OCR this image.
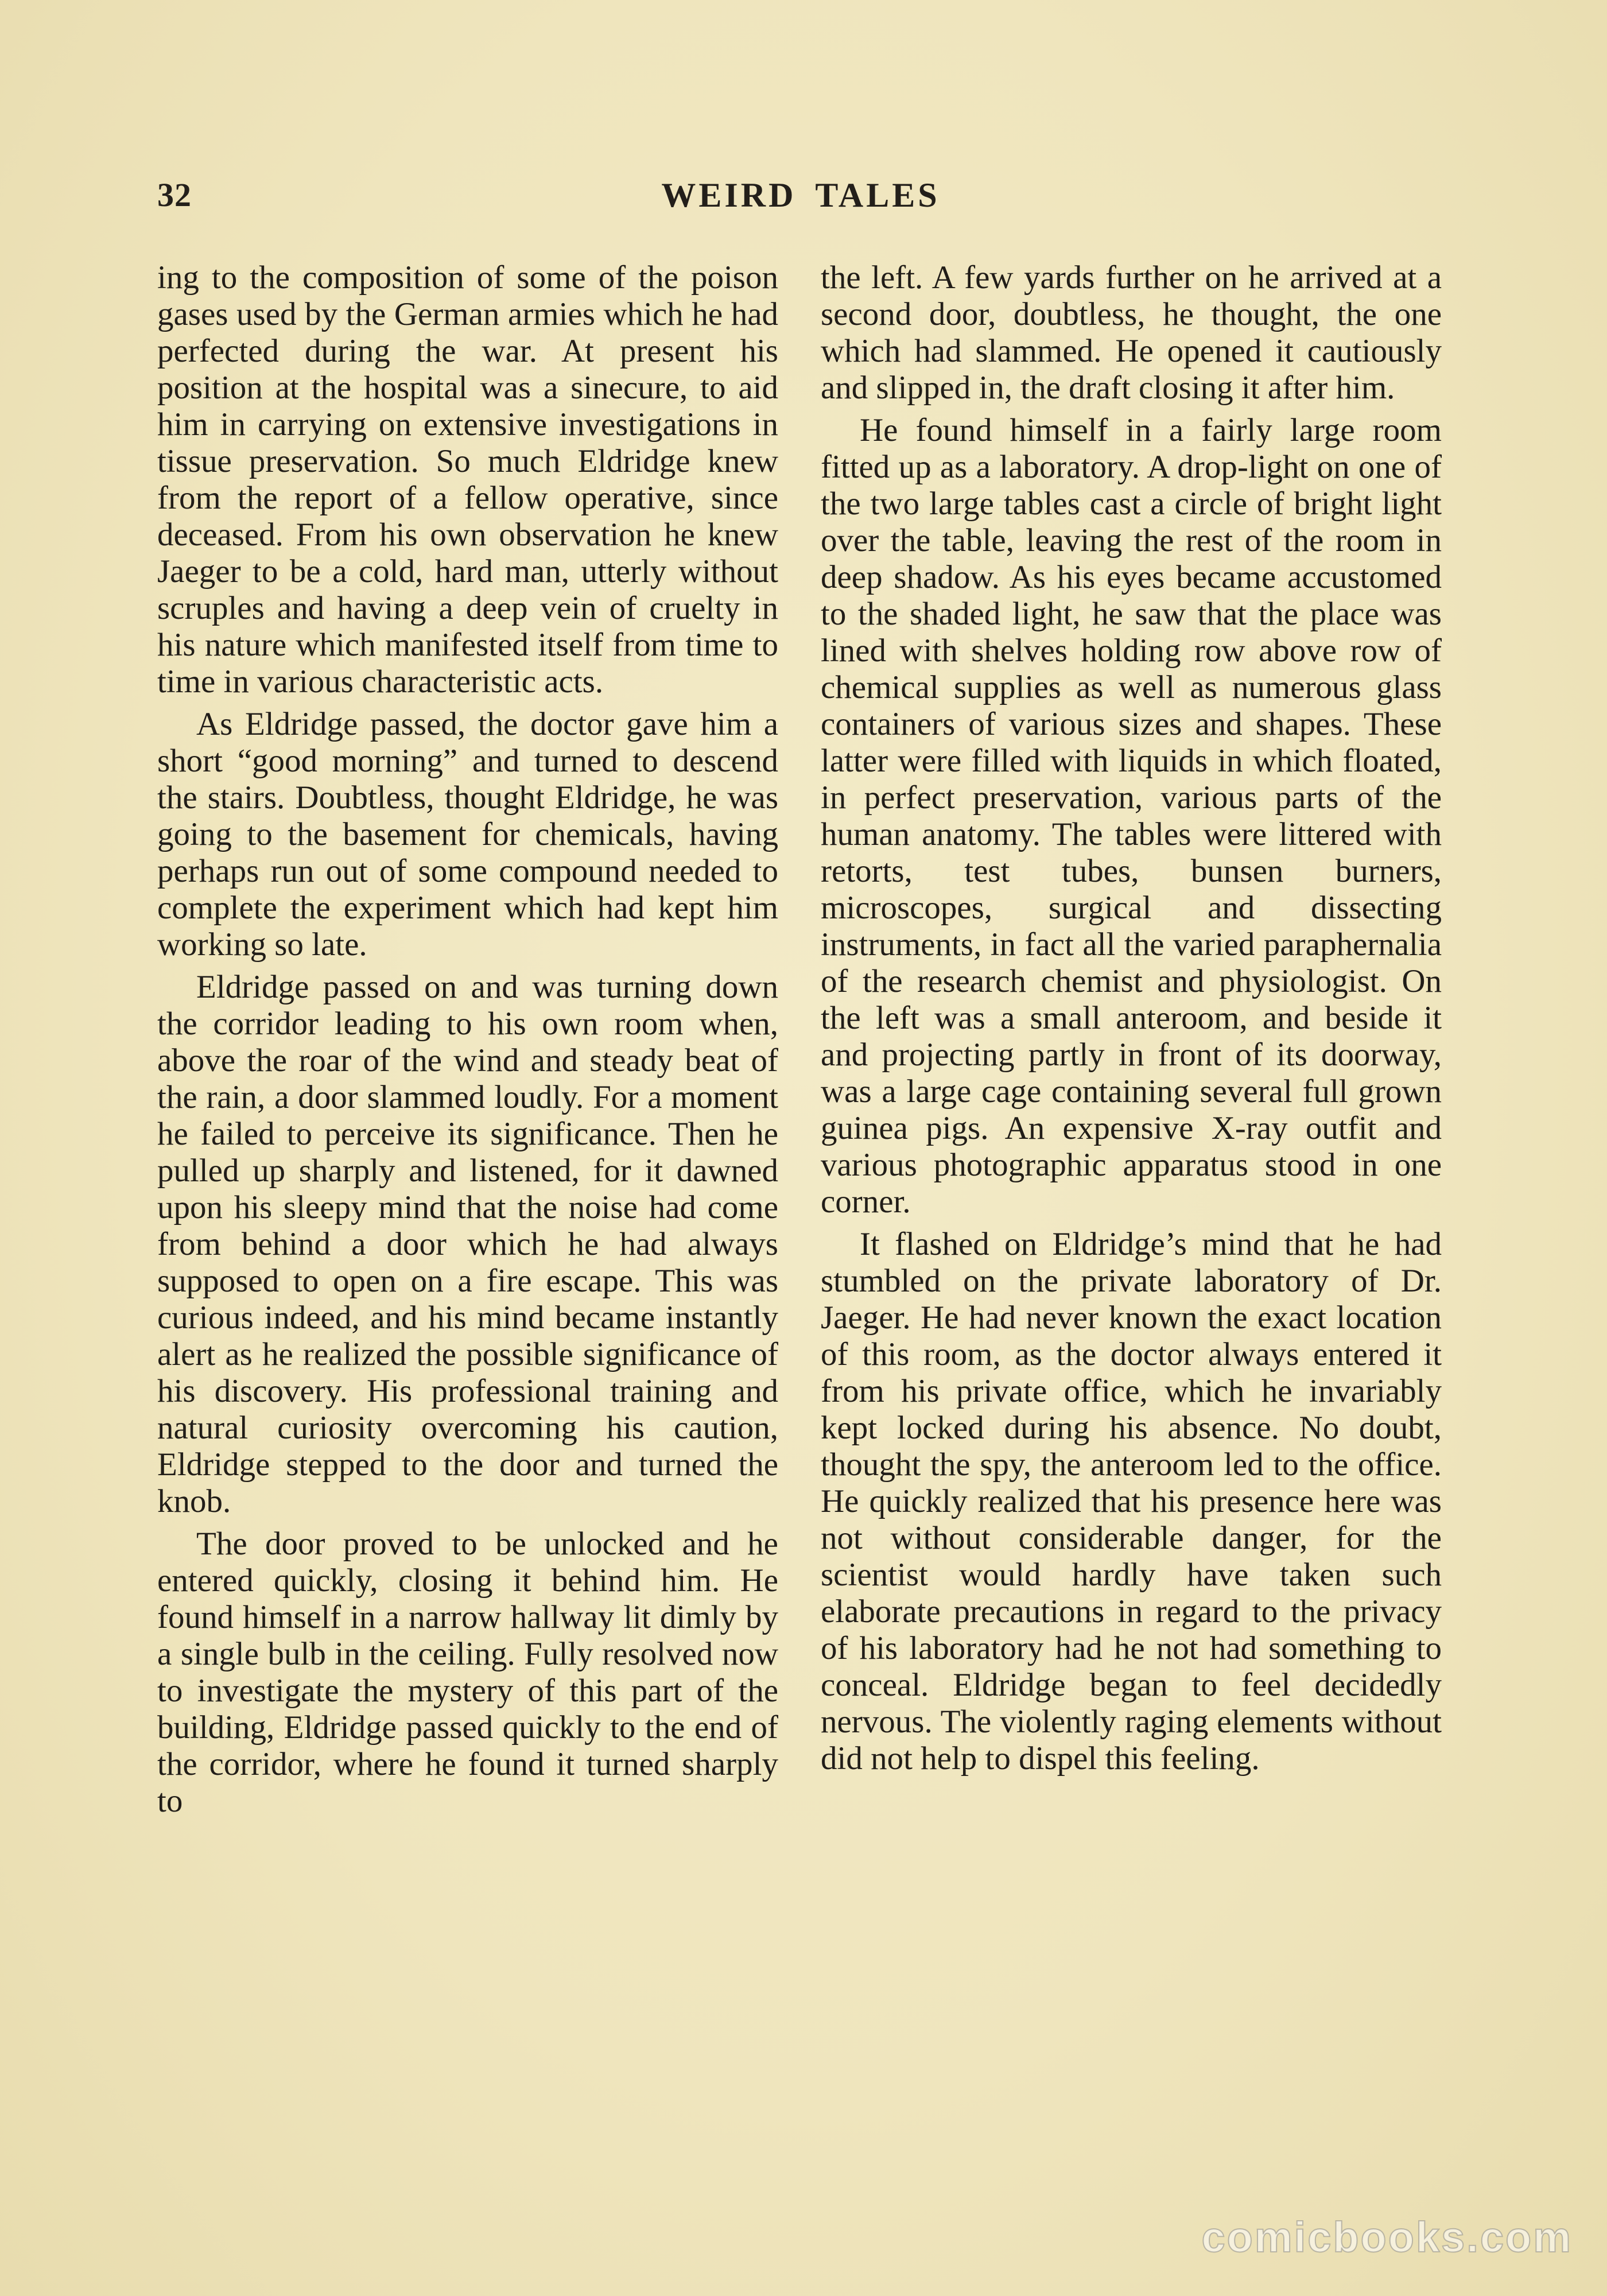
32	WEIRD TALES

ing to the composition of some of the poison gases used by the German armies which he had perfected during the war. At present his position at the hospital was a sinecure, to aid him in carrying on extensive investigations in tissue preservation. So much Eldridge knew from the report of a fellow operative, since deceased. From his own observation he knew Jaeger to be a cold, hard man, utterly without scruples and having a deep vein of cruelty in his nature which manifested itself from time to time in various characteristic acts.

As Eldridge passed, the doctor gave him a short “good morning” and turned to descend the stairs. Doubtless, thought Eldridge, he was going to the basement for chemicals, having perhaps run out of some compound needed to complete the experiment which had kept him working so late.

Eldridge passed on and was turning down the corridor leading to his own room when, above the roar of the wind and steady beat of the rain, a door slammed loudly. For a moment he failed to perceive its significance. Then he pulled up sharply and listened, for it dawned upon his sleepy mind that the noise had come from behind a door which he had always supposed to open on a fire escape. This was curious indeed, and his mind became instantly alert as he realized the possible significance of his discovery. His professional training and natural curiosity overcoming his caution, Eldridge stepped to the door and turned the knob.

The door proved to be unlocked and he entered quickly, closing it behind him. He found himself in a narrow hallway lit dimly by a single bulb in the ceiling. Fully resolved now to investigate the mystery of this part of the building, Eldridge passed quickly to the end of the corridor, where he found it turned sharply to

the left. A few yards further on he arrived at a second door, doubtless, he thought, the one which had slammed. He opened it cautiously and slipped in, the draft closing it after him.

He found himself in a fairly large room fitted up as a laboratory. A drop-light on one of the two large tables cast a circle of bright light over the table, leaving the rest of the room in deep shadow. As his eyes became accustomed to the shaded light, he saw that the place was lined with shelves holding row above row of chemical supplies as well as numerous glass containers of various sizes and shapes. These latter were filled with liquids in which floated, in perfect preservation, various parts of the human anatomy. The tables were littered with retorts, test tubes, bunsen burners, microscopes, surgical and dissecting instruments, in fact all the varied paraphernalia of the research chemist and physiologist. On the left was a small anteroom, and beside it and projecting partly in front of its doorway, was a large cage containing several full grown guinea pigs. An expensive X-ray outfit and various photographic apparatus stood in one corner.

It flashed on Eldridge’s mind that he had stumbled on the private laboratory of Dr. Jaeger. He had never known the exact location of this room, as the doctor always entered it from his private office, which he invariably kept locked during his absence. No doubt, thought the spy, the anteroom led to the office. He quickly realized that his presence here was not without considerable danger, for the scientist would hardly have taken such elaborate precautions in regard to the privacy of his laboratory had he not had something to conceal. Eldridge began to feel decidedly nervous. The violently raging elements without did not help to dispel this feeling.

comicbooks.com
